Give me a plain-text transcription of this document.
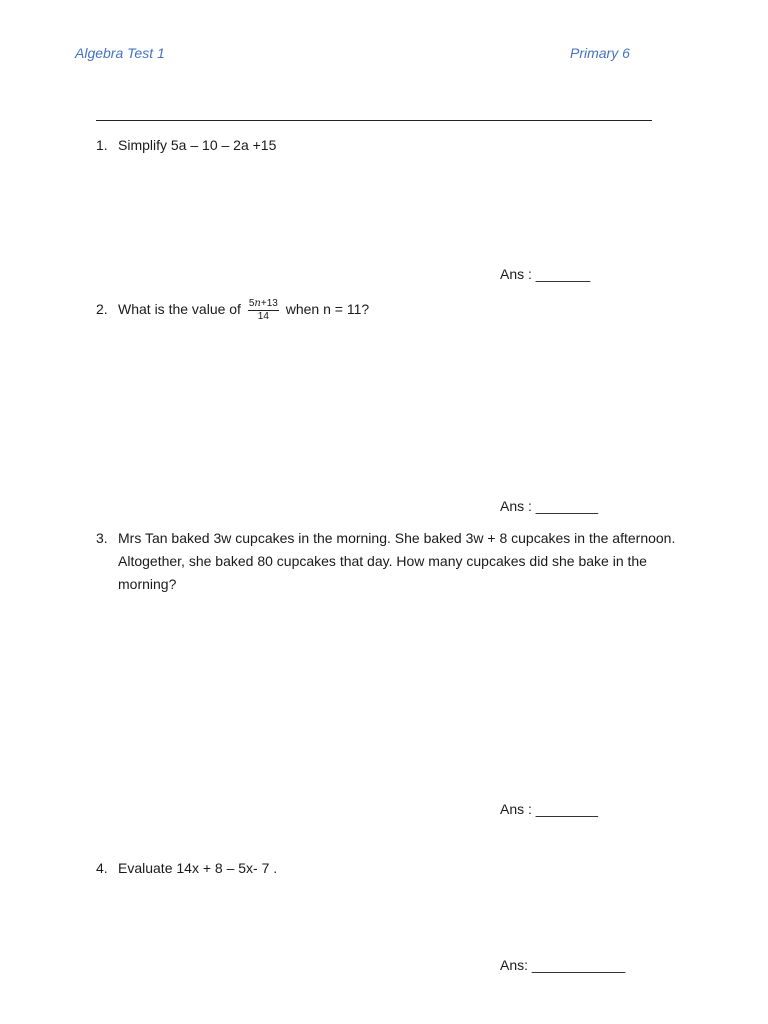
Algebra Test 1	Primary 6
1. Simplify 5a – 10 – 2a +15
Ans : _______
2. What is the value of $\frac{5n+13}{14}$ when n = 11?
Ans : ________
3. Mrs Tan baked 3w cupcakes in the morning. She baked 3w + 8 cupcakes in the afternoon. Altogether, she baked 80 cupcakes that day. How many cupcakes did she bake in the morning?
Ans : ________
4. Evaluate 14x + 8 – 5x- 7 .
Ans: ____________
